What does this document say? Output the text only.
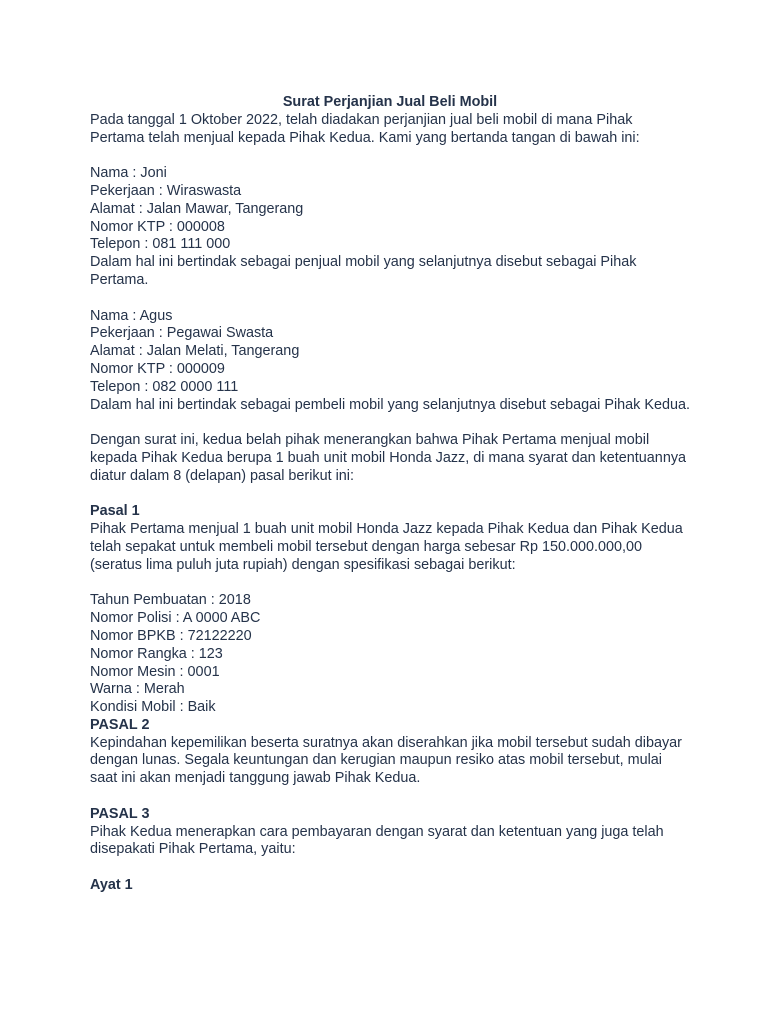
Surat Perjanjian Jual Beli Mobil

Pada tanggal 1 Oktober 2022, telah diadakan perjanjian jual beli mobil di mana Pihak Pertama telah menjual kepada Pihak Kedua. Kami yang bertanda tangan di bawah ini:

Nama : Joni

Pekerjaan : Wiraswasta

Alamat : Jalan Mawar, Tangerang

Nomor KTP : 000008

Telepon : 081 111 000

Dalam hal ini bertindak sebagai penjual mobil yang selanjutnya disebut sebagai Pihak Pertama.

Nama : Agus

Pekerjaan : Pegawai Swasta

Alamat : Jalan Melati, Tangerang

Nomor KTP : 000009

Telepon : 082 0000 111

Dalam hal ini bertindak sebagai pembeli mobil yang selanjutnya disebut sebagai Pihak Kedua.

Dengan surat ini, kedua belah pihak menerangkan bahwa Pihak Pertama menjual mobil kepada Pihak Kedua berupa 1 buah unit mobil Honda Jazz, di mana syarat dan ketentuannya diatur dalam 8 (delapan) pasal berikut ini:

Pasal 1

Pihak Pertama menjual 1 buah unit mobil Honda Jazz kepada Pihak Kedua dan Pihak Kedua telah sepakat untuk membeli mobil tersebut dengan harga sebesar Rp 150.000.000,00 (seratus lima puluh juta rupiah) dengan spesifikasi sebagai berikut:

Tahun Pembuatan : 2018

Nomor Polisi : A 0000 ABC

Nomor BPKB : 72122220

Nomor Rangka : 123

Nomor Mesin : 0001

Warna : Merah

Kondisi Mobil : Baik

PASAL 2

Kepindahan kepemilikan beserta suratnya akan diserahkan jika mobil tersebut sudah dibayar dengan lunas. Segala keuntungan dan kerugian maupun resiko atas mobil tersebut, mulai saat ini akan menjadi tanggung jawab Pihak Kedua.

PASAL 3

Pihak Kedua menerapkan cara pembayaran dengan syarat dan ketentuan yang juga telah disepakati Pihak Pertama, yaitu:

Ayat 1
